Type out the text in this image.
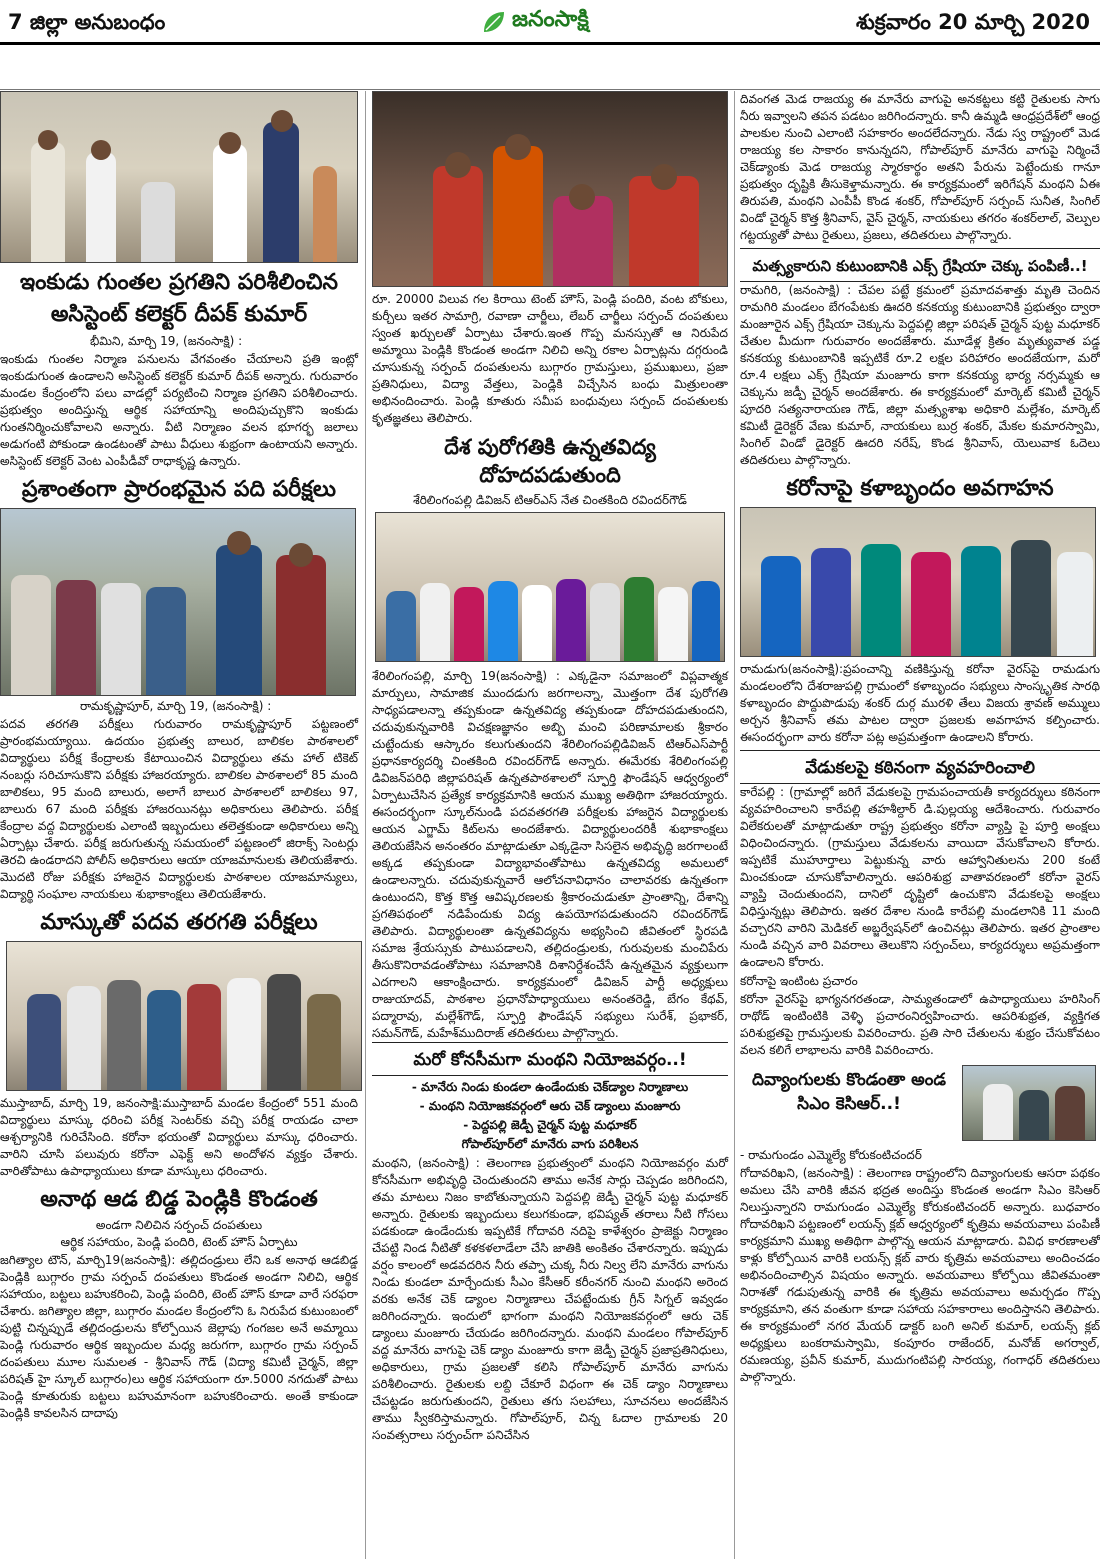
7 జిల్లా అనుబంధం	జనంసాక్షి	శుక్రవారం 20 మార్చి 2020
ఇంకుడు గుంతల ప్రగతిని పరిశీలించిన
అసిస్టెంట్ కలెక్టర్ దీపక్ కుమార్
భీమిని, మార్చి 19, (జనంసాక్షి) :

ఇంకుడు గుంతల నిర్మాణ పనులను వేగవంతం చేయాలని ప్రతి ఇంట్లో ఇంకుడుగుంత ఉండాలని అసిస్టెంట్ కలెక్టర్ కుమార్ దీపక్ అన్నారు. గురువారం మండల కేంద్రంలోని పలు వాడల్లో పర్యటించి నిర్మాణ ప్రగతిని పరిశీలించారు. ప్రభుత్వం అందిస్తున్న ఆర్థిక సహాయాన్ని అందిపుచ్చుకొని ఇంకుడు గుంతనిర్మించుకోవాలని అన్నారు. వీటి నిర్మాణం వలన భూగర్భ జలాలు అడుగంటి పోకుండా ఉండటంతో పాటు వీధులు శుభ్రంగా ఉంటాయని అన్నారు. అసిస్టెంట్ కలెక్టర్ వెంట ఎంపీడీవో రాధాకృష్ణ ఉన్నారు.

ప్రశాంతంగా ప్రారంభమైన పది పరీక్షలు
రామకృష్ణాపూర్, మార్చి 19, (జనంసాక్షి) :

పదవ తరగతి పరీక్షలు గురువారం రామకృష్ణాపూర్ పట్టణంలో ప్రారంభమయ్యాయి. ఉదయం ప్రభుత్వ బాలుర, బాలికల పాఠశాలలో విద్యార్థులు పరీక్ష కేంద్రాలకు కేటాయించిన విద్యార్థులు తమ హాల్ టికెట్ నంబర్లు సరిచూసుకొని పరీక్షకు హాజరయ్యారు. బాలికల పాఠశాలలో 85 మంది బాలికలు, 95 మంది బాలురు, అలాగే బాలుర పాఠశాలలో బాలికలు 97, బాలురు 67 మంది పరీక్షకు హాజరయినట్లు అధికారులు తెలిపారు. పరీక్ష కేంద్రాల వద్ద విద్యార్థులకు ఎలాంటి ఇబ్బందులు తలెత్తకుండా అధికారులు అన్ని ఏర్పాట్లు చేశారు. పరీక్ష జరుగుతున్న సమయంలో పట్టణంలో జిరాక్స్ సెంటర్లు తెరచి ఉండరాదని పోలీస్ అధికారులు ఆయా యాజమానులకు తెలియజేశారు. మొదటి రోజు పరీక్షకు హాజరైన విద్యార్థులకు పాఠశాలల యాజమాన్యులు, విద్యార్థి సంఘాల నాయకులు శుభాకాంక్షలు తెలియజేశారు.

మాస్కుతో పదవ తరగతి పరీక్షలు

ముస్తాబాద్, మార్చి 19, జనంసాక్షి:ముస్తాబాద్ మండల కేంద్రంలో 551 మంది విద్యార్థులు మాస్కు ధరించి పరీక్ష సెంటర్‌కు వచ్చి పరీక్ష రాయడం చాలా ఆశ్చర్యానికి గురిచేసింది. కరోనా భయంతో విద్యార్థులు మాస్కు ధరించారు. వారిని చూసి పలువురు కరోనా ఎఫెక్ట్ అని అందోళన వ్యక్తం చేశారు. వారితోపాటు ఉపాధ్యాయులు కూడా మాస్కులు ధరించారు.

అనాథ ఆడ బిడ్డ పెండ్లికి కొండంత
అండగా నిలిచిన సర్పంచ్ దంపతులు
ఆర్థిక సహాయం, పెండ్లి పందిరి, టెంట్ హౌస్ ఏర్పాటు

జగిత్యాల టౌన్, మార్చి19(జనంసాక్షి): తల్లిదండ్రులు లేని ఒక అనాథ ఆడబిడ్డ పెండ్లికి బుగ్గారం గ్రామ సర్పంచ్ దంపతులు కొండంత అండగా నిలిచి, ఆర్థిక సహాయం, బట్టలు బహుకరించి, పెండ్లి పందిరి, టెంట్ హౌస్ కూడా వారే సరఫరా చేశారు. జగిత్యాల జిల్లా, బుగ్గారం మండల కేంద్రంలోని ఓ నిరుపేద కుటుంబంలో పుట్టి చిన్నప్పుడే తల్లిదండ్రులను కోల్పోయిన జెల్లాపు గంగజల అనే అమ్మాయి పెండ్లి గురువారం ఆర్థిక ఇబ్బందుల మధ్య జరుగగా, బుగ్గారం గ్రామ సర్పంచ్ దంపతులు మూల సుమలత - శ్రీనివాస్ గౌడ్ (విద్యా కమిటీ చైర్మన్, జిల్లా పరిషత్ హై స్కూల్ బుగ్గారం)లు ఆర్థిక సహాయంగా రూ.5000 నగదుతో పాటు పెండ్లి కూతురుకు బట్టలు బహుమానంగా బహుకరించారు. అంతే కాకుండా పెండ్లికి కావలసిన దాదాపు

రూ. 20000 విలువ గల కిరాయి టెంట్ హౌస్, పెండ్లి పందిరి, వంట బోకులు, కుర్చీలు ఇతర సామాగ్రి, రవాణా చార్జీలు, లేబర్ చార్జీలు సర్పంచ్ దంపతులు స్వంత ఖర్చులతో ఏర్పాటు చేశారు.ఇంత గొప్ప మనస్సుతో ఆ నిరుపేద అమ్మాయి పెండ్లికి కొండంత అండగా నిలిచి అన్ని రకాల ఏర్పాట్లను దగ్గరుండి చూసుకున్న సర్పంచ్ దంపతులను బుగ్గారం గ్రామస్తులు, ప్రముఖులు, ప్రజా ప్రతినిధులు, విద్యా వేత్తలు, పెండ్లికి విచ్చేసిన బంధు మిత్రులంతా అభినందించారు. పెండ్లి కూతురు సమీప బంధువులు సర్పంచ్ దంపతులకు కృతజ్ఞతలు తెలిపారు.

దేశ పురోగతికి ఉన్నతవిద్య దోహదపడుతుంది
శేరిలింగంపల్లి డివిజన్ టిఆర్‌ఎస్ నేత చింతకింది రవిందర్‌గౌడ్

శేరిలింగంపల్లి, మార్చి 19(జనంసాక్షి) : ఎక్కడైనా సమాజంలో విప్లవాత్మక మార్పులు, సామాజిక ముందడుగు జరగాలన్నా, మొత్తంగా దేశ పురోగతి సాధ్యపడాలన్నా తప్పకుండా ఉన్నతవిద్య తప్పకుండా దోహదపడుతుందని, చదువుకున్నవారికి విచక్షణజ్ఞానం అబ్బి మంచి పరిణామాలకు శ్రీకారం చుట్టేందుకు ఆస్కారం కలుగుతుందని శేరిలింగంపల్లిడివిజన్ టిఆర్‌ఎస్‌పార్టీ ప్రధానకార్యదర్శి చింతకింది రవిందర్‌గౌడ్ అన్నారు. ఈమేరకు శేరిలింగంపల్లి డివిజన్‌పరిధి జిల్లాపరిషత్ ఉన్నతపాఠశాలలో స్ఫూర్తి ఫౌండేషన్ ఆధ్వర్యంలో ఏర్పాటుచేసిన ప్రత్యేక కార్యక్రమానికి ఆయన ముఖ్య అతిథిగా హాజరయ్యారు. ఈసందర్భంగా స్కూల్‌నుండి పదవతరగతి పరీక్షలకు హాజరైన విద్యార్థులకు ఆయన ఎగ్జామ్ కిట్‌లను అందజేశారు. విద్యార్థులందరికీ శుభాకాంక్షలు తెలియజేసిన అనంతరం మాట్లాడుతూ ఎక్కడైనా సిసలైన అభివృద్ధి జరగాలంటే అక్కడ తప్పకుండా విద్యాభావంతోపాటు ఉన్నతవిద్య అమలులో ఉండాలన్నారు. చదువుకున్నవారే ఆలోచనావిధానం చాలావరకు ఉన్నతంగా ఉంటుందని, కొత్త కొత్త ఆవిష్కరణలకు శ్రీకారంచుడుతూ ప్రాంతాన్ని, దేశాన్ని ప్రగతిపథంలో నడిపేందుకు విద్య ఉపయోగపడుతుందని రవిందర్‌గౌడ్ తెలిపారు. విద్యార్థులంతా ఉన్నతవిద్యను అభ్యసించి జీవితంలో స్థిరపడి సమాజ శ్రేయస్సుకు పాటుపడాలని, తల్లిదండ్రులకు, గురువులకు మంచిపేరు తీసుకొనిరావడంతోపాటు సమాజానికి దిశానిర్దేశంచేసే ఉన్నతమైన వ్యక్తులుగా ఎదగాలని ఆకాంక్షించారు. కార్యక్రమంలో డివిజన్ పార్టీ అధ్యక్షులు రాజుయాదవ్, పాఠశాల ప్రధానోపాధ్యాయులు అనంతరెడ్డి, బేగం కేథవ్, పద్మారావు, మల్లేశ్‌గౌడ్, స్ఫూర్తి ఫౌండేషన్ సభ్యులు సురేశ్, ప్రభాకర్, సమన్‌గౌడ్, మహేశ్‌ముదిరాజ్ తదితరులు పాల్గొన్నారు.

మరో కోనసీమగా మంథని నియోజవర్గం..!
- మానేరు నిండు కుండలా ఉండేందుకు చెక్‌డ్యాల నిర్మాణాలు
- మంథని నియోజకవర్గంలో ఆరు చెక్ డ్యాంలు మంజూరు
- పెద్దపల్లి జెడ్పీ చైర్మన్ పుట్ట మధూకర్
గోపాల్‌పూర్‌లో మానేరు వాగు పరిశీలన

మంథని, (జనంసాక్షి) : తెలంగాణ ప్రభుత్వంలో మంథని నియోజవర్గం మరో కోనసీమగా అభివృద్ధి చెందుతుందని తాము అనేక సార్లు చెప్పడం జరిగిందని, తమ మాటలు నిజం కాబోతున్నాయని పెద్దపల్లి జెడ్పీ చైర్మన్ పుట్ట మధూకర్ అన్నారు. రైతులకు ఇబ్బందులు కలుగకుండా, భవిష్యత్ తరాలు నీటి గోసలు పడకుండా ఉండేందుకు ఇప్పటికే గోదావరి నదిపై కాళేశ్వరం ప్రాజెక్టు నిర్మాణం చేపట్టి నిండ నీటితో కళకళలాడేలా చేసి జాతికి అంకితం చేశారన్నారు. ఇప్పుడు వర్షం కాలంలో అడవదరిన నీరు తప్పా చుక్క నీరు నిల్వ లేని మానేరు వాగును నిండు కుండలా మార్చేందుకు సీఎం కేసీఆర్ కరీంనగర్ నుంచి మంథని అరెంద వరకు అనేక చెక్ డ్యాంల నిర్మాణాలు చేపట్టేందుకు గ్రీన్ సిగ్నల్ ఇవ్వడం జరిగిందన్నారు. ఇందులో భాగంగా మంథని నియోజకవర్గంలో ఆరు చెక్ డ్యాంలు మంజూరు చేయడం జరిగిందన్నారు. మంథని మండలం గోపాల్‌పూర్ వద్ద మానేరు వాగుపై చెక్ డ్యాం మంజూరు కాగా జెడ్పీ చైర్మన్ ప్రజాప్రతినిధులు, అధికారులు, గ్రామ ప్రజలతో కలిసి గోపాల్‌పూర్ మానేరు వాగును పరిశీలించారు. రైతులకు లబ్ది చేకూరే విధంగా ఈ చెక్ డ్యాం నిర్మాణాలు చేపట్టడం జరుగుతుందని, రైతులు తగు సలహాలు, సూచనలు అందజేసిన తాము స్వీకరిస్తామన్నారు. గోపాల్‌పూర్, చిన్న ఓదాల గ్రామాలకు 20 సంవత్సరాలు సర్పంచ్‌గా పనిచేసిన

దివంగత మెడ రాజయ్య ఈ మానేరు వాగుపై అనకట్టలు కట్టి రైతులకు సాగు నీరు ఇవ్వాలని తపన పడటం జరిగిందన్నారు. కానీ ఉమ్మడి ఆంధ్రప్రదేశ్‌లో ఆంధ్ర పాలకుల నుంచి ఎలాంటి సహకారం అందలేదన్నారు. నేడు స్వ రాష్ట్రంలో మెడ రాజయ్య కల సాకారం కానున్నదని, గోపాల్‌పూర్ మానేరు వాగుపై నిర్మించే చెక్‌డ్యాంకు మెడ రాజయ్య స్మారకార్థం అతని పేరును పెట్టేందుకు గానూ ప్రభుత్వం దృష్టికి తీసుకెళ్తామన్నారు. ఈ కార్యక్రమంలో ఇరిగేషన్ మంథని ఏఈ తిరుపతి, మంథని ఎంపీపీ కొండ శంకర్, గోపాల్‌పూర్ సర్పంచ్ సునీత, సింగిల్ విండో చైర్మన్ కొత్త శ్రీనివాస్, వైస్ చైర్మన్, నాయకులు తగరం శంకర్‌లాల్, వెల్పుల గట్టయ్యతో పాటు రైతులు, ప్రజలు, తదితరులు పాల్గొన్నారు.

మత్స్యకారుని కుటుంబానికి ఎక్స్ గ్రేషియా చెక్కు పంపిణీ..!

రామగిరి, (జనంసాక్షి) : చేపల పట్టే క్రమంలో ప్రమాదవశాత్తు మృతి చెందిన రామగిరి మండలం బేగంపేటకు ఊదరి కనకయ్య కుటుంబానికి ప్రభుత్వం ద్వారా మంజూరైన ఎక్స్ గ్రేషియా చెక్కును పెద్దపల్లి జిల్లా పరిషత్ చైర్మన్ పుట్ట మధూకర్ చేతుల మీదుగా గురువారం అందజేశారు. మూడేళ్ల క్రితం మృత్యువాత పడ్డ కనకయ్య కుటుంబానికి ఇప్పటికే రూ.2 లక్షల పరిహారం అందజేయగా, మరో రూ.4 లక్షలు ఎక్స్ గ్రేషియా మంజూరు కాగా కనకయ్య భార్య నర్సమ్మకు ఆ చెక్కును జడ్పీ చైర్మన్ అందజేశారు. ఈ కార్యక్రమంలో మార్కెట్ కమిటీ చైర్మన్ పూదరి సత్యనారాయణ గౌడ్, జిల్లా మత్స్యశాఖ అధికారి మల్లేశం, మార్కెట్ కమిటీ డైరెక్టర్ వేణు కుమార్, నాయకులు బుర్ర శంకర్, మేకల కుమారస్వామి, సింగిల్ విండో డైరెక్టర్ ఊదరి నరేష్, కొండ శ్రీనివాస్, యెలువాక ఓదెలు తదితరులు పాల్గొన్నారు.

కరోనాపై కళాబృందం అవగాహన

రామడుగు(జనంసాక్షి):ప్రపంచాన్ని వణికిస్తున్న కరోనా వైరస్‌పై రామడుగు మండలంలోని దేశరాజుపల్లి గ్రామంలో కళాబృందం సభ్యులు సాంస్కృతిక సారథి కళాబృందం పొద్దుపొడుపు శంకర్ దుర్గ మురళి తేలు విజయ శ్రావణ్ అమ్ములు అర్చన శ్రీనివాస్ తమ పాటల ద్వారా ప్రజలకు అవగాహన కల్పించారు. ఈసందర్భంగా వారు కరోనా పట్ల అప్రమత్తంగా ఉండాలని కోరారు.

వేడుకలపై కఠినంగా వ్యవహరించాలి

కారేపల్లి : (గ్రామాల్లో జరిగే వేడుకలపై గ్రామపంచాయతీ కార్యదర్శులు కఠినంగా వ్యవహరించాలని కారేపల్లి తహశీల్దార్ డి.పుల్లయ్య ఆదేశించారు. గురువారం విలేకరులతో మాట్లాడుతూ రాష్ట్ర ప్రభుత్వం కరోనా వ్యాప్తి పై పూర్తి అంక్షలు విధించిందన్నారు. (గ్రామస్తులు వేడుకలను వాయిదా వేసుకోవాలని కోరారు. ఇప్పటికే ముహూర్తాలు పెట్టుకున్న వారు ఆహ్వానితులను 200 కంటే మించకుండా చూసుకోవాలిన్నారు. ఆపరిశుభ్ర వాతావరణంలో కరోనా వైరస్ వ్యాప్తి చెందుతుందని, దానిలో దృష్టిలో ఉంచుకొని వేడుకలపై అంక్షలు విధిస్తున్నట్లు తెలిపారు. ఇతర దేశాల నుండి కారేపల్లి మండలానికి 11 మంది వచ్చారని వారిని మెడికల్ అబ్జర్వేషన్‌లో ఉంచినట్లు తెలిపారు. ఇతర ప్రాంతాల నుండి వచ్చిన వారి వివరాలు తెలుకొని సర్పంచ్‌లు, కార్యదర్శులు అప్రమత్తంగా ఉండాలని కోరారు.

కరోనాపై ఇంటింట ప్రచారం

కరోనా వైరస్‌పై భాగ్యనగరతండా, సామ్యతండాలో ఉపాధ్యాయులు హరిసింగ్ రాథోడ్ ఇంటింటికి వెళ్ళి ప్రచారంనిర్వహించారు. ఆపరిశుభ్రత, వ్యక్తిగత పరిశుభ్రతపై గ్రామస్తులకు వివరించారు. ప్రతి సారి చేతులను శుభ్రం చేసుకోవటం వలన కలిగే లాభాలను వారికి వివరించారు.

దివ్యాంగులకు కొండంతా అండ
సిఎం కెసిఆర్..!
- రామగుండం ఎమ్మెల్యే కోరుకంటిచందర్

గోదావరిఖని, (జనంసాక్షి) : తెలంగాణ రాష్ట్రంలోని దివ్యాంగులకు ఆసరా పథకం అమలు చేసి వారికి జీవన భద్రత అందిస్తు కొండంత అండగా సిఎం కెసిఆర్ నిలుస్తున్నారని రామగుండం ఎమ్మెల్యే కోరుకంటిచందర్ అన్నారు. బుధవారం గోదావరిఖని పట్టణంలో లయన్స్ క్లబ్ ఆధ్వర్యంలో కృత్రిమ అవయవాలు పంపిణీ కార్యక్రమాని ముఖ్య అతిథిగా పాల్గొన్న ఆయన మాట్లాడారు. వివిధ కారణాలతో కాళ్లు కోల్పోయిన వారికి లయన్స్ క్లబ్ వారు కృత్రిమ అవయవాలు అందించడం అభినందించాల్సిన విషయం అన్నారు. అవయవాలు కోల్పోయి జీవితమంతా నిరాశతో గడుపుతున్న వారికి ఈ కృత్రిమ అవయవాలు అమర్చడం గొప్ప కార్యక్రమాని, తన వంతుగా కూడా సహాయ సహకారాలు అందిస్తానని తెలిపారు. ఈ కార్యక్రమంలో నగర మేయర్ డాక్టర్ బంగి అనిల్ కుమార్, లయన్స్ క్లబ్ అధ్యక్షులు బంకరామస్వామి, కంపూరం రాజేందర్, మనోజ్ అగర్వాల్, రమణయ్య, ప్రవీన్ కుమార్, ముదుగంటిపల్లి సారయ్య, గంగాధర్ తదితరులు పాల్గొన్నారు.
